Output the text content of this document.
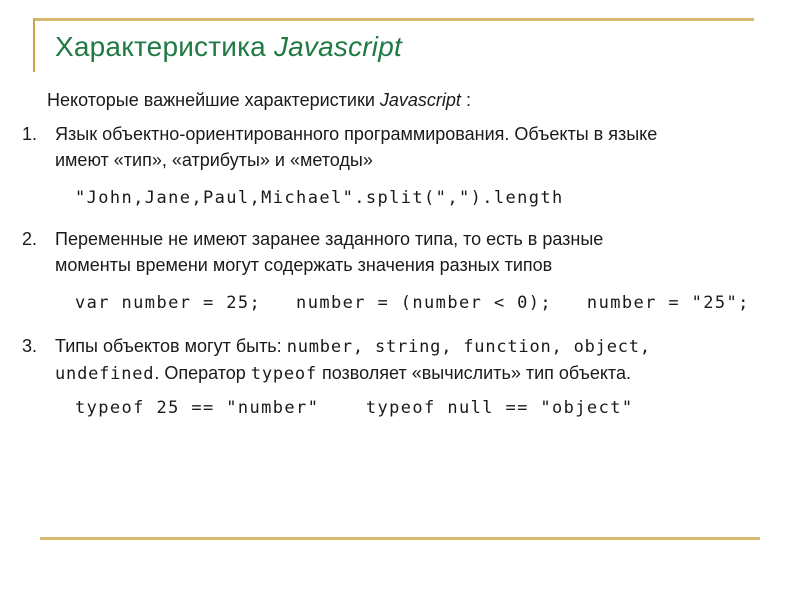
Характеристика Javascript
Некоторые важнейшие характеристики Javascript :
1. Язык объектно-ориентированного программирования. Объекты в языке
имеют «тип», «атрибуты» и «методы»
"John,Jane,Paul,Michael".split(",").length
2. Переменные не имеют заранее заданного типа, то есть в разные
моменты времени могут содержать значения разных типов
var number = 25;   number = (number < 0);   number = "25";
3. Типы объектов могут быть: number, string, function, object,
undefined. Оператор typeof позволяет «вычислить» тип объекта.
typeof 25 == "number"    typeof null == "object"
